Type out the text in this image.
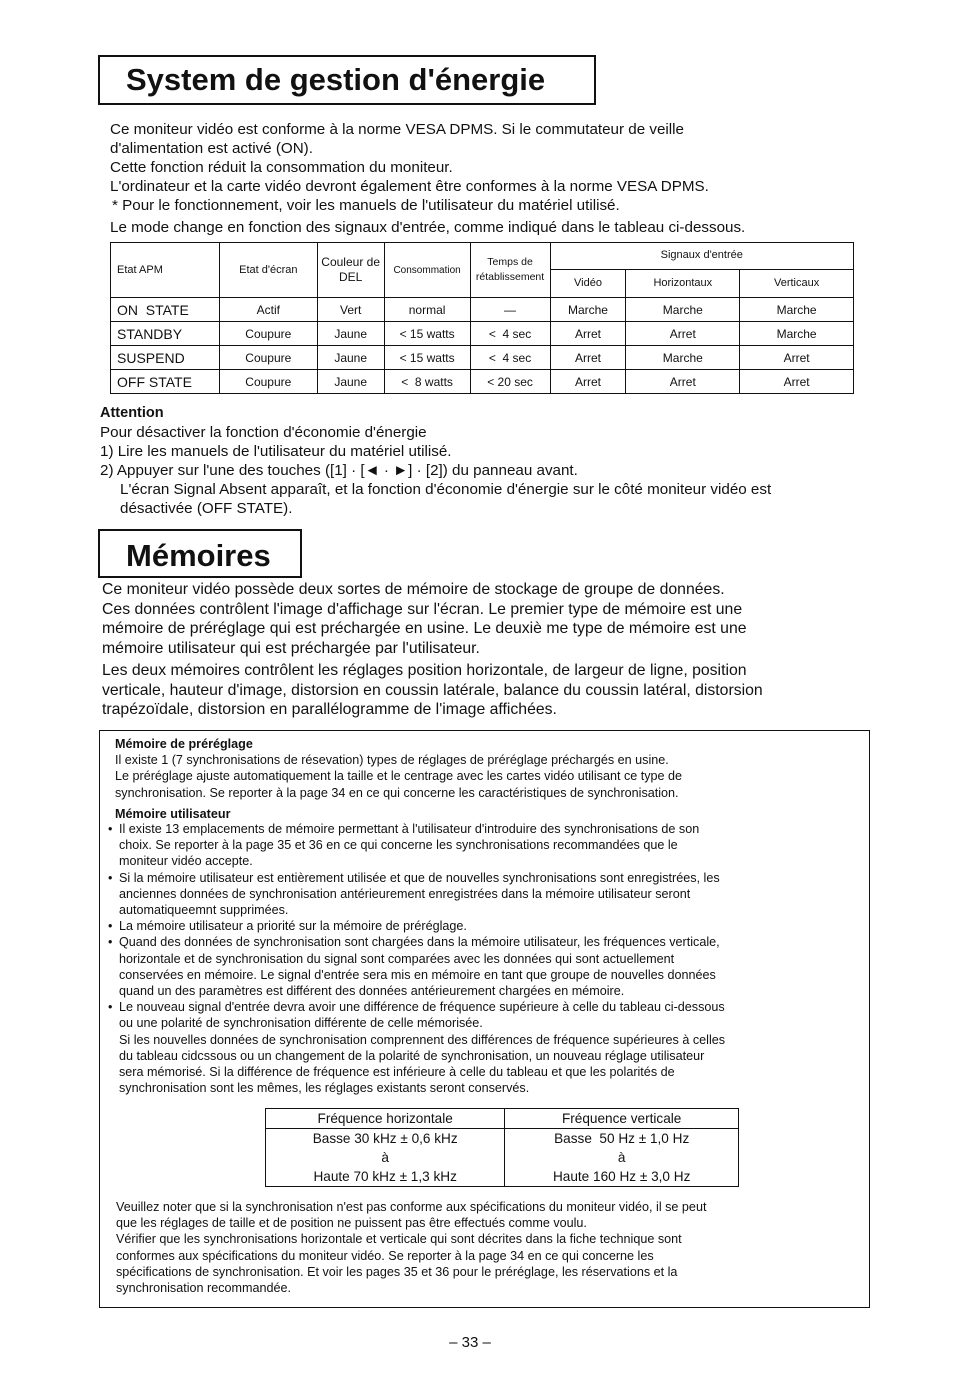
System de gestion d'énergie

Ce moniteur vidéo est conforme à la norme VESA DPMS. Si le commutateur de veille

d'alimentation est activé (ON).

Cette fonction réduit la consommation du moniteur.

L'ordinateur et la carte vidéo devront également être conformes à la norme VESA DPMS.

* Pour le fonctionnement, voir les manuels de l'utilisateur du matériel utilisé.

Le mode change en fonction des signaux d'entrée, comme indiqué dans le tableau ci-dessous.

Etat APM	Etat d'écran	Couleur de DEL	Consommation	Temps de rétablissement	Signaux d'entrée		
					Vidéo	Horizontaux	Verticaux
ON  STATE	Actif	Vert	normal	—	Marche	Marche	Marche
STANDBY	Coupure	Jaune	< 15 watts	<  4 sec	Arret	Arret	Marche
SUSPEND	Coupure	Jaune	< 15 watts	<  4 sec	Arret	Marche	Arret
OFF STATE	Coupure	Jaune	<  8 watts	< 20 sec	Arret	Arret	Arret

Attention

Pour désactiver la fonction d'économie d'énergie

1) Lire les manuels de l'utilisateur du matériel utilisé.

2) Appuyer sur l'une des touches ([1] · [◄ · ►] · [2]) du panneau avant.

L'écran Signal Absent apparaît, et la fonction d'économie d'énergie sur le côté moniteur vidéo est

désactivée (OFF STATE).

Mémoires

Ce moniteur vidéo possède deux sortes de mémoire de stockage de groupe de données.

Ces données contrôlent l'image d'affichage sur l'écran. Le premier type de mémoire est une

mémoire de préréglage qui est préchargée en usine. Le deuxiè me type de mémoire est une

mémoire utilisateur qui est préchargée par l'utilisateur.

Les deux mémoires contrôlent les réglages position horizontale, de largeur de ligne, position

verticale, hauteur d'image, distorsion en coussin latérale, balance du coussin latéral, distorsion

trapézoïdale, distorsion en parallélogramme de l'image affichées.

Mémoire de préréglage

Il existe 1 (7 synchronisations de résevation) types de réglages de préréglage préchargés en usine.

Le préréglage ajuste automatiquement la taille et le centrage avec les cartes vidéo utilisant ce type de

synchronisation. Se reporter à la page 34 en ce qui concerne les caractéristiques de synchronisation.

Mémoire utilisateur

• Il existe 13 emplacements de mémoire permettant à l'utilisateur d'introduire des synchronisations de son
choix. Se reporter à la page 35 et 36 en ce qui concerne les synchronisations recommandées que le
moniteur vidéo accepte.
• Si la mémoire utilisateur est entièrement utilisée et que de nouvelles synchronisations sont enregistrées, les
anciennes données de synchronisation antérieurement enregistrées dans la mémoire utilisateur seront
automatiqueemnt supprimées.
• La mémoire utilisateur a priorité sur la mémoire de préréglage.
• Quand des données de synchronisation sont chargées dans la mémoire utilisateur, les fréquences verticale,
horizontale et de synchronisation du signal sont comparées avec les données qui sont actuellement
conservées en mémoire. Le signal d'entrée sera mis en mémoire en tant que groupe de nouvelles données
quand un des paramètres est différent des données antérieurement chargées en mémoire.
• Le nouveau signal d'entrée devra avoir une différence de fréquence supérieure à celle du tableau ci-dessous
ou une polarité de synchronisation différente de celle mémorisée.
Si les nouvelles données de synchronisation comprennent des différences de fréquence supérieures à celles
du tableau cidcssous ou un changement de la polarité de synchronisation, un nouveau réglage utilisateur
sera mémorisé. Si la différence de fréquence est inférieure à celle du tableau et que les polarités de
synchronisation sont les mêmes, les réglages existants seront conservés.
Fréquence horizontale	Fréquence verticale
Basse 30 kHz ± 0,6 kHz	Basse  50 Hz ± 1,0 Hz
à	à
Haute 70 kHz ± 1,3 kHz	Haute 160 Hz ± 3,0 Hz

Veuillez noter que si la synchronisation n'est pas conforme aux spécifications du moniteur vidéo, il se peut

que les réglages de taille et de position ne puissent pas être effectués comme voulu.

Vérifier que les synchronisations horizontale et verticale qui sont décrites dans la fiche technique sont

conformes aux spécifications du moniteur vidéo. Se reporter à la page 34 en ce qui concerne les

spécifications de synchronisation. Et voir les pages 35 et 36 pour le préréglage, les réservations et la

synchronisation recommandée.

– 33 –
